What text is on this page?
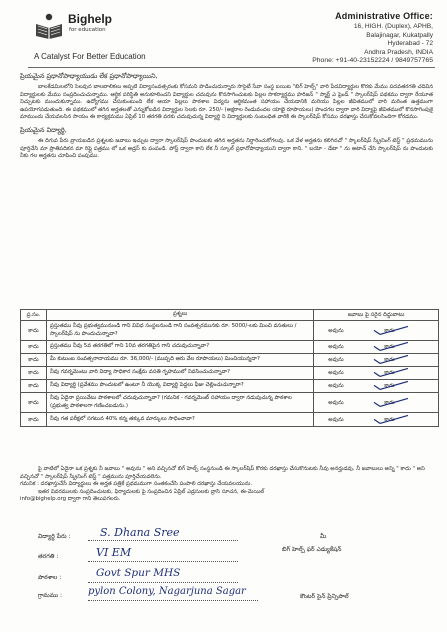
Bighelp
for education
A Catalyst For Better Education
Administrative Office:
16, HIGH. (Duplex), APHB,
Balajinagar, Kukatpally
Hyderabad - 72
Andhra Pradesh, INDIA
Phone: +91-40-23152224 / 9849757765
ప్రియమైన ప్రధానోపాధ్యాయుడు లేక ప్రధానోపాధ్యాయిని,

బాలకేడమిలలోని సెలవున బాలబాలికలు అప్పటి విద్యాసంవత్సరంకు కోసమని పొడించుదున్నారు సొసైటీ సేవా సంస్థ బయిట "బిగ్ హెల్ప్" వారి పేదవిద్యార్థుల కొరకు మేము పదవతరగతి చదివిన విద్యార్థులకు మేము సంప్రదించుచున్నాము. ఆర్థిక పరిస్థితి అనుకూలించని విద్యార్థుల చదువును కొనసాగించుటకు పిల్లల సొకర్యార్థము హరిజన్ " స్మార్ట్ ఎ ఫ్రెండ్ " స్కాలర్‌షిప్ పథకము ద్వారా రేయూత నిచ్చుటకు ముందుకున్నాము. ఉద్యోగము చేసుకుంటుంది లేక ఆయా పిల్లలు పాఠశాల విద్యను ఆర్థికమంత సహాయం చేయడానికి మరియు పిల్లల జీవితములో వారి మరింత ఉత్తమంగా ఉపయోగపడుతుంది. ఈ పథకములో తగిన అర్హతలతో ఎన్నుకోబడిన విద్యార్థుల సెలకు రూ. 250/- (అక్షరాల రెండువందల యాభై రూపాయలు) పొందగల ద్వారా వారి విద్యాపై జీవితములో కొనసాగింపుకై మాముందు చేయవలసిన సాయం ఈ కార్యక్రమము ఏప్రిల్ 10 తరగతి వరకు చదువుచున్న విద్యార్థి ని విద్యార్థులకు సంబంధిత వారికి ఈ స్కాలర్‌షిప్ కోసము దరఖాస్తు చేసుకోవలసిందిగా కోరడము.

ప్రియమైన విద్యార్థి,

ఈ దిగువ పేరు వ్రాయబడిన ప్రశ్నలకు జవాబు ఇచ్చుట ద్వారా స్కాలర్‌షిప్ పొందుటకు తగిన అర్హతను నిర్ధారించుకోగలవు. ఒక వేళ అర్హతను కలిగినచో " స్కాలర్‌షిప్ స్క్రీనింగ్ టెస్ట్ " ప్రథమమును పూర్తిచేసి మా ప్రాతిపదికన మా రిప్లై పత్రము లో ఒక అడ్రస్ కు పంపండి. పోస్ట్ ద్వారా కాని లేక నీ స్కూల్ ప్రధానోపాధ్యాయుని ద్వారా కాని. " బయో - డేటా " ను అటాచ్ చేసి స్కాలర్‌షిప్ ను పొందుటకు నీకు గల అర్హతను చూపించి పంపుము.

ప్ర.సం.	ప్రశ్నలు	జవాబు పై సరైన దిద్దుబాటు
కాదు	ప్రస్తుతము నీవు ప్రభుత్వమునుండి గాని వివిధ సంస్థలనుండి గాని సంవత్సరమునకు రూ. 5000/-లకు మించి వసతులు / స్కాలర్‌షిప్ ను పొందుచున్నావా?	అవును కాదు

కాదు	ప్రస్తుతము నీవు 5వ తరగతిలో గాని 10వ తరగతిపైన గాని చదువుచున్నావా?	అవును కాదు

కాదు	మీ కుటుంబ సంవత్సరాదాయము రూ. 36,000/- (ముప్పది ఆరు వేల రూపాయలు) మించియున్నదా?	అవును కాదు

కాదు	నీవు గవర్నమెంటు వారి విద్యా సాధికార సంక్షేమ వసతి గృహములో నివసించుచున్నావా?	అవును కాదు

కాదు	నీవు విద్యార్థి (ప్రవేశము పొందుటలో ఉంటూ నీ యొక్క విద్యార్థి పెద్దలు ఫీజు చెల్లించుచున్నారా?	అవును కాదు

కాదు	నీవు ఏదైనా ప్రయివేటు పాఠశాలలో చదువుచున్నావా? (గమనిక - గవర్నమెంట్ సహాయం ద్వారా నడుపుచున్న పాఠశాల (ప్రభుత్వ పాఠశాలగా గణించబడును.)	అవును కాదు

కాదు	నీవు గత పరీక్షలో సగటున 40% కన్న తక్కువ మార్కులు సాధించావా?	అవును కాదు

పై వాటిలో ఏదైనా ఒక ప్రశ్నకు నీ జవాబు " అవును " అని వచ్చినచో బిగ్ హెల్ప్ సంస్థనుండి ఈ స్కాలర్‌షిప్ కొరకు దరఖాస్తు చేసుకొనుటకు నీవు అనర్హుడవు. నీ జవాబులు అన్ని " కాదు " అని వచ్చినచో " స్కాలర్‌షిప్ స్క్రీనింగ్ టెస్ట్ " పత్రమును పూర్తిచేయవలెను.

గమనిక : దరఖాస్తుచేసే విద్యార్థులు ఈ అర్హత పత్రికే ప్రథమముగా సంతకంచేసి పంపాలి దరఖాస్తు చేయవలయును.

ఇతర వివరములకు సంప్రదించుటకు, ఫిర్యాదులకు పై సంప్రదించిన ఏప్రిల్ ఎడ్రసులకు వ్రాసి సూచన, ఈ-మెయిల్

info@bighelp.org ద్వారా గాని తెలుపగలరు.
విద్యార్థి పేరు :	S. Dhana Sree
తరగతి :	VI EM
పాఠశాల :	Govt Spur MHS
గ్రామము :	pylon Colony, Nagarjuna Sagar
మీ
బిగ్ హెల్ప్ ఫర్ ఎడ్యుకేషన్
కౌంటర్ సైన్ ప్రిన్సిపాల్
